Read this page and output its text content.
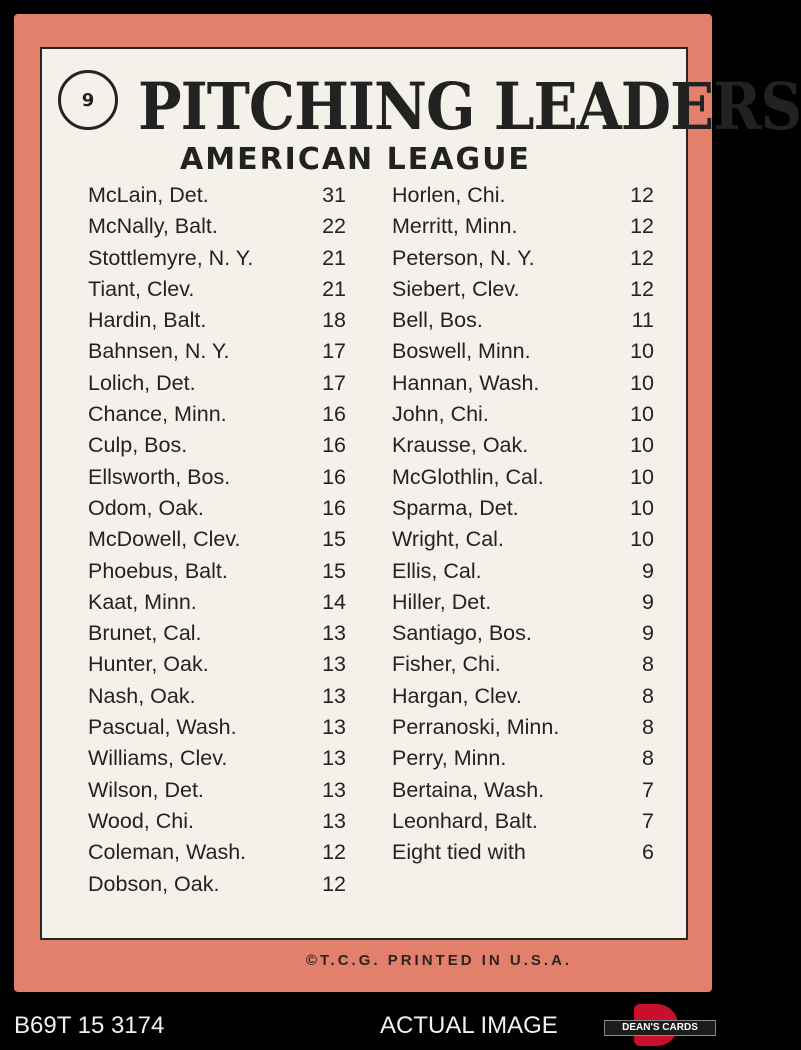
9 PITCHING LEADERS
AMERICAN LEAGUE
McLain, Det.	31
McNally, Balt.	22
Stottlemyre, N. Y.	21
Tiant, Clev.	21
Hardin, Balt.	18
Bahnsen, N. Y.	17
Lolich, Det.	17
Chance, Minn.	16
Culp, Bos.	16
Ellsworth, Bos.	16
Odom, Oak.	16
McDowell, Clev.	15
Phoebus, Balt.	15
Kaat, Minn.	14
Brunet, Cal.	13
Hunter, Oak.	13
Nash, Oak.	13
Pascual, Wash.	13
Williams, Clev.	13
Wilson, Det.	13
Wood, Chi.	13
Coleman, Wash.	12
Dobson, Oak.	12
Horlen, Chi.	12
Merritt, Minn.	12
Peterson, N. Y.	12
Siebert, Clev.	12
Bell, Bos.	11
Boswell, Minn.	10
Hannan, Wash.	10
John, Chi.	10
Krausse, Oak.	10
McGlothlin, Cal.	10
Sparma, Det.	10
Wright, Cal.	10
Ellis, Cal.	9
Hiller, Det.	9
Santiago, Bos.	9
Fisher, Chi.	8
Hargan, Clev.	8
Perranoski, Minn.	8
Perry, Minn.	8
Bertaina, Wash.	7
Leonhard, Balt.	7
Eight tied with	6
©T.C.G. PRINTED IN U.S.A.
B69T 15 3174	ACTUAL IMAGE	DEAN'S CARDS
